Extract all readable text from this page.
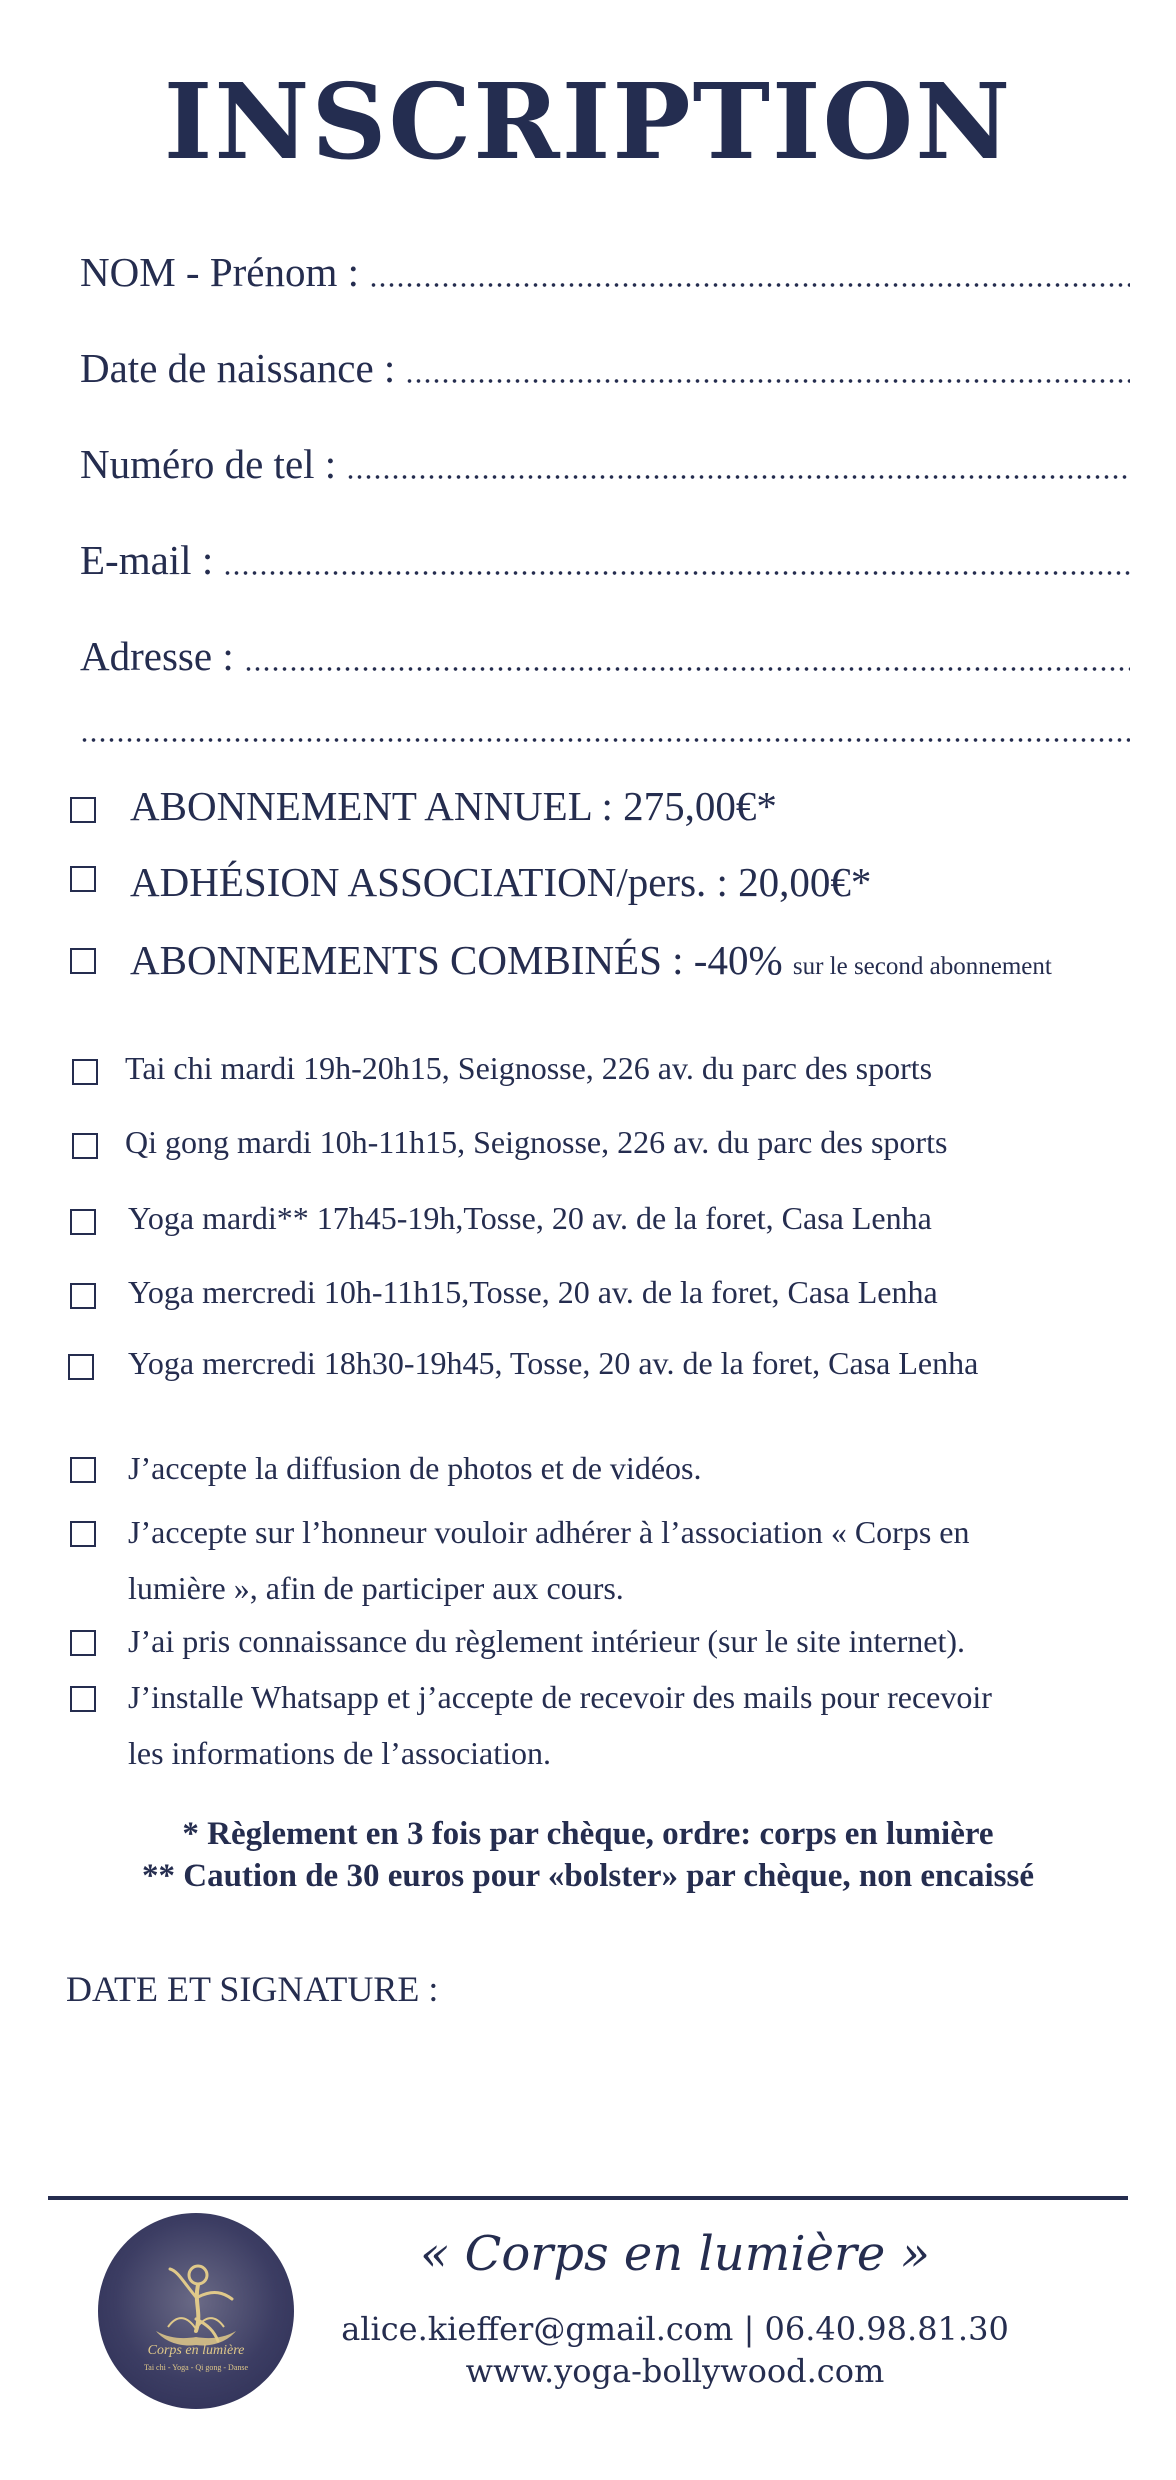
INSCRIPTION
NOM - Prénom :
Date de naissance :
Numéro de tel :
E-mail :
Adresse :
ABONNEMENT ANNUEL : 275,00€*
ADHÉSION ASSOCIATION/pers. : 20,00€*
ABONNEMENTS COMBINÉS : -40% sur le second abonnement
Tai chi mardi 19h-20h15, Seignosse, 226 av. du parc des sports
Qi gong mardi 10h-11h15, Seignosse, 226 av. du parc des sports
Yoga mardi** 17h45-19h,Tosse, 20 av. de la foret, Casa Lenha
Yoga mercredi 10h-11h15,Tosse, 20 av. de la foret, Casa Lenha
Yoga mercredi 18h30-19h45, Tosse, 20 av. de la foret, Casa Lenha
J’accepte la diffusion de photos et de vidéos.
J’accepte sur l’honneur vouloir adhérer à l’association « Corps en
lumière », afin de participer aux cours.
J’ai pris connaissance du règlement intérieur (sur le site internet).
J’installe Whatsapp et j’accepte de recevoir des mails pour recevoir
les informations de l’association.
* Règlement en 3 fois par chèque, ordre: corps en lumière
** Caution de 30 euros pour «bolster» par chèque, non encaissé
DATE ET SIGNATURE :
Corps en lumière
Tai chi - Yoga - Qi gong - Danse
« Corps en lumière »
alice.kieffer@gmail.com | 06.40.98.81.30
www.yoga-bollywood.com
